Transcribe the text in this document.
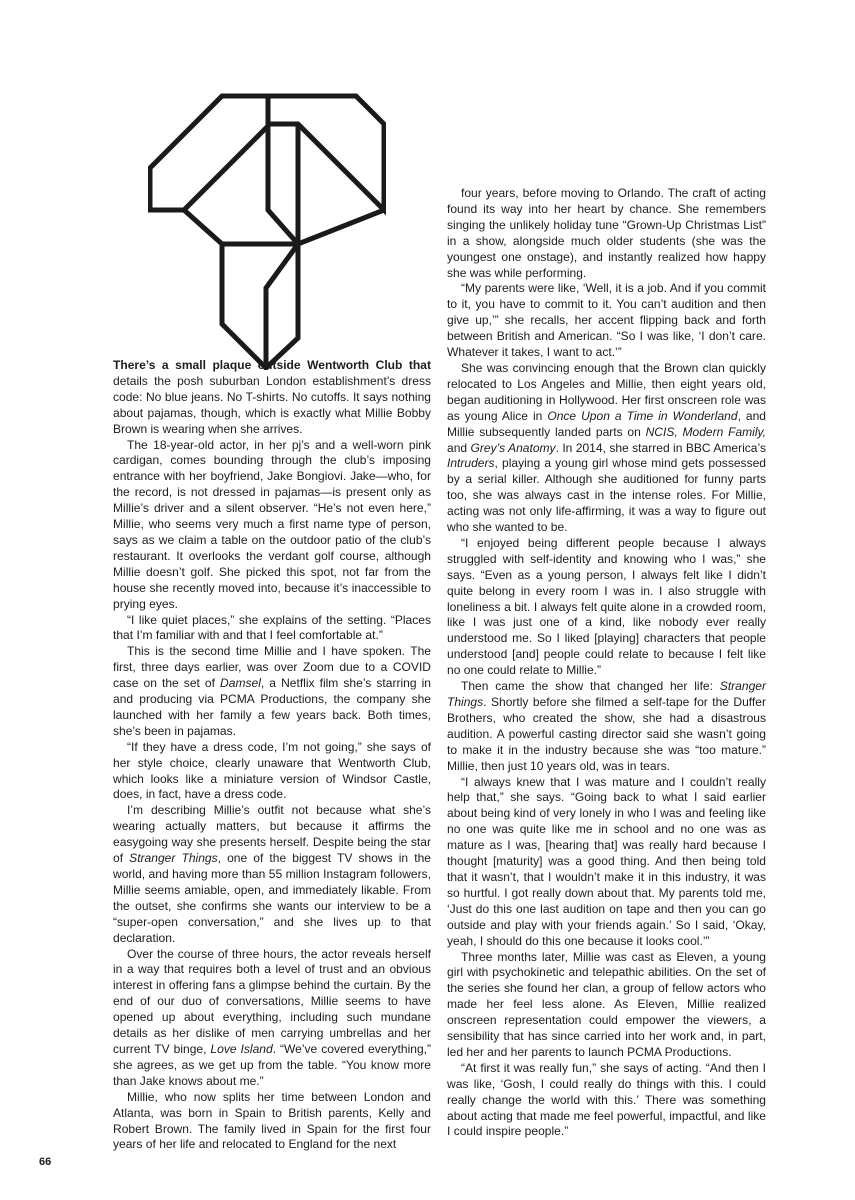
There’s a small plaque outside Wentworth Club that details the posh suburban London establishment’s dress code: No blue jeans. No T-shirts. No cutoffs. It says nothing about pajamas, though, which is exactly what Millie Bobby Brown is wearing when she arrives.

The 18-year-old actor, in her pj’s and a well-worn pink cardigan, comes bounding through the club’s imposing entrance with her boyfriend, Jake Bongiovi. Jake—who, for the record, is not dressed in pajamas—is present only as Millie’s driver and a silent observer. “He’s not even here,” Millie, who seems very much a first name type of person, says as we claim a table on the outdoor patio of the club’s restaurant. It overlooks the verdant golf course, although Millie doesn’t golf. She picked this spot, not far from the house she recently moved into, because it’s inaccessible to prying eyes.

“I like quiet places,” she explains of the setting. “Places that I’m familiar with and that I feel comfortable at.”

This is the second time Millie and I have spoken. The first, three days earlier, was over Zoom due to a COVID case on the set of Damsel, a Netflix film she’s starring in and producing via PCMA Productions, the company she launched with her family a few years back. Both times, she’s been in pajamas.

“If they have a dress code, I’m not going,” she says of her style choice, clearly unaware that Wentworth Club, which looks like a miniature version of Windsor Castle, does, in fact, have a dress code.

I’m describing Millie’s outfit not because what she’s wearing actually matters, but because it affirms the easygoing way she presents herself. Despite being the star of Stranger Things, one of the biggest TV shows in the world, and having more than 55 million Instagram followers, Millie seems amiable, open, and immediately likable. From the outset, she confirms she wants our interview to be a “super-open conversation,” and she lives up to that declaration.

Over the course of three hours, the actor reveals herself in a way that requires both a level of trust and an obvious interest in offering fans a glimpse behind the curtain. By the end of our duo of conversations, Millie seems to have opened up about everything, including such mundane details as her dislike of men carrying umbrellas and her current TV binge, Love Island. “We’ve covered everything,” she agrees, as we get up from the table. “You know more than Jake knows about me.”

Millie, who now splits her time between London and Atlanta, was born in Spain to British parents, Kelly and Robert Brown. The family lived in Spain for the first four years of her life and relocated to England for the next

four years, before moving to Orlando. The craft of acting found its way into her heart by chance. She remembers singing the unlikely holiday tune “Grown-Up Christmas List” in a show, alongside much older students (she was the youngest one onstage), and instantly realized how happy she was while performing.

“My parents were like, ‘Well, it is a job. And if you commit to it, you have to commit to it. You can’t audition and then give up,’” she recalls, her accent flipping back and forth between British and American. “So I was like, ‘I don’t care. Whatever it takes, I want to act.’”

She was convincing enough that the Brown clan quickly relocated to Los Angeles and Millie, then eight years old, began auditioning in Hollywood. Her first onscreen role was as young Alice in Once Upon a Time in Wonderland, and Millie subsequently landed parts on NCIS, Modern Family, and Grey’s Anatomy. In 2014, she starred in BBC America’s Intruders, playing a young girl whose mind gets possessed by a serial killer. Although she auditioned for funny parts too, she was always cast in the intense roles. For Millie, acting was not only life-affirming, it was a way to figure out who she wanted to be.

“I enjoyed being different people because I always struggled with self-identity and knowing who I was,” she says. “Even as a young person, I always felt like I didn’t quite belong in every room I was in. I also struggle with loneliness a bit. I always felt quite alone in a crowded room, like I was just one of a kind, like nobody ever really understood me. So I liked [playing] characters that people understood [and] people could relate to because I felt like no one could relate to Millie.”

Then came the show that changed her life: Stranger Things. Shortly before she filmed a self-tape for the Duffer Brothers, who created the show, she had a disastrous audition. A powerful casting director said she wasn’t going to make it in the industry because she was “too mature.” Millie, then just 10 years old, was in tears.

“I always knew that I was mature and I couldn’t really help that,” she says. “Going back to what I said earlier about being kind of very lonely in who I was and feeling like no one was quite like me in school and no one was as mature as I was, [hearing that] was really hard because I thought [maturity] was a good thing. And then being told that it wasn’t, that I wouldn’t make it in this industry, it was so hurtful. I got really down about that. My parents told me, ‘Just do this one last audition on tape and then you can go outside and play with your friends again.’ So I said, ‘Okay, yeah, I should do this one because it looks cool.’”

Three months later, Millie was cast as Eleven, a young girl with psychokinetic and telepathic abilities. On the set of the series she found her clan, a group of fellow actors who made her feel less alone. As Eleven, Millie realized onscreen representation could empower the viewers, a sensibility that has since carried into her work and, in part, led her and her parents to launch PCMA Productions.

“At first it was really fun,” she says of acting. “And then I was like, ‘Gosh, I could really do things with this. I could really change the world with this.’ There was something about acting that made me feel powerful, impactful, and like I could inspire people.”

66
